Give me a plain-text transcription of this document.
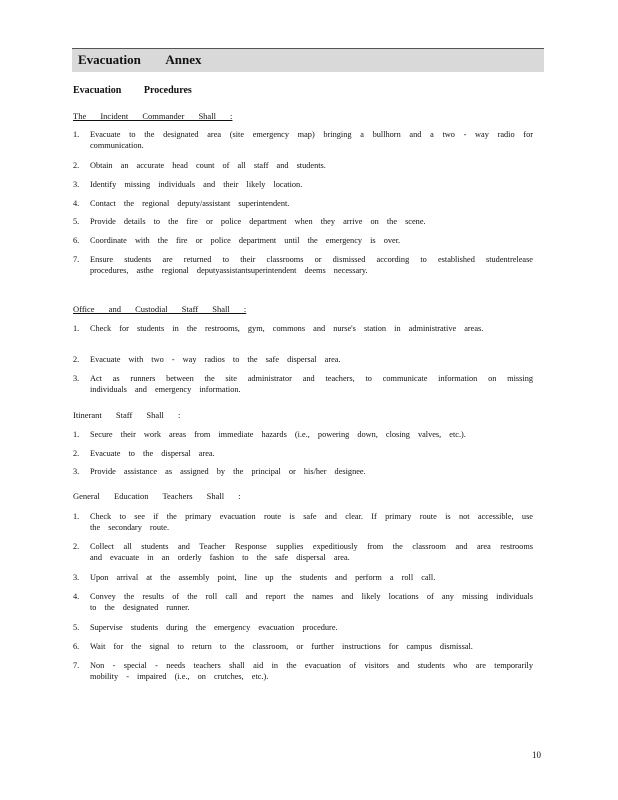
Evacuation Annex
Evacuation Procedures
The Incident Commander Shall :
1.	Evacuate to the designated area (site emergency map) bringing a bullhorn and a two - way radio for communication.
2.	Obtain an accurate head count of all staff and students.
3.	Identify missing individuals and their likely location.
4.	Contact the regional deputy/assistant superintendent.
5.	Provide details to the fire or police department when they arrive on the scene.
6.	Coordinate with the fire or police department until the emergency is over.
7.	Ensure students are returned to their classrooms or dismissed according to established studentrelease procedures, asthe regional deputyassistantsuperintendent deems necessary.
Office and Custodial Staff Shall :
1.	Check for students in the restrooms, gym, commons and nurse's station in administrative areas.
2.	Evacuate with two - way radios to the safe dispersal area.
3.	Act as runners between the site administrator and teachers, to communicate information on missing individuals and emergency information.
Itinerant Staff Shall :
1.	Secure their work areas from immediate hazards (i.e., powering down, closing valves, etc.).
2.	Evacuate to the dispersal area.
3.	Provide assistance as assigned by the principal or his/her designee.
General Education Teachers Shall :
1.	Check to see if the primary evacuation route is safe and clear. If primary route is not accessible, use the secondary route.
2.	Collect all students and Teacher Response supplies expeditiously from the classroom and area restrooms and evacuate in an orderly fashion to the safe dispersal area.
3.	Upon arrival at the assembly point, line up the students and perform a roll call.
4.	Convey the results of the roll call and report the names and likely locations of any missing individuals to the designated runner.
5.	Supervise students during the emergency evacuation procedure.
6.	Wait for the signal to return to the classroom, or further instructions for campus dismissal.
7.	Non - special - needs teachers shall aid in the evacuation of visitors and students who are temporarily mobility - impaired (i.e., on crutches, etc.).
10
